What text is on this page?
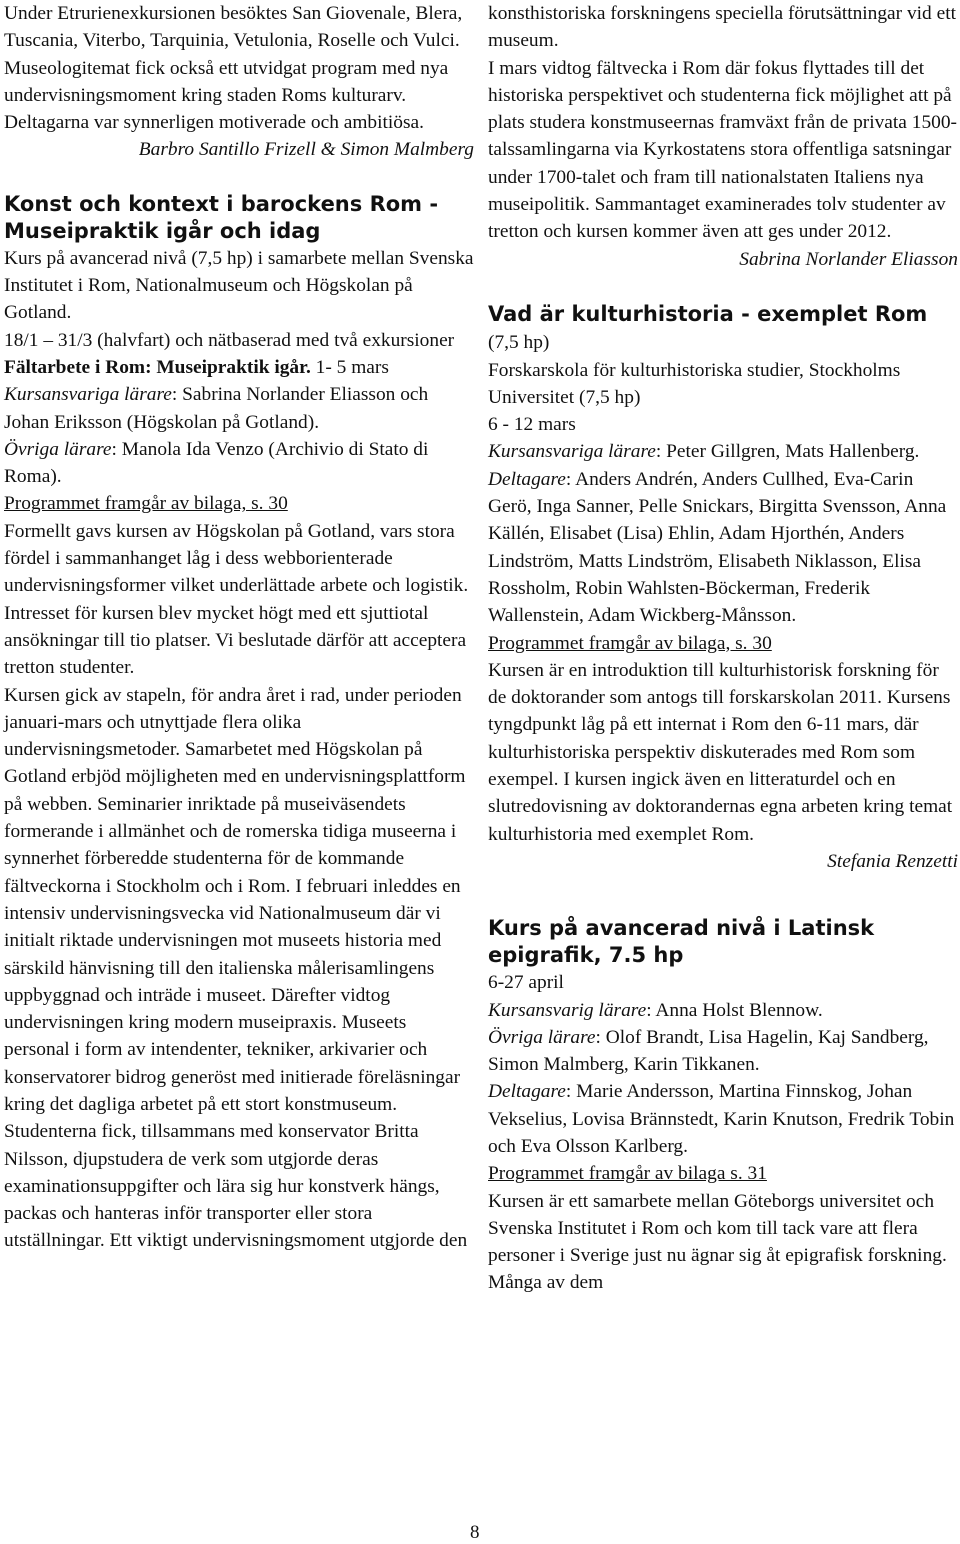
Under Etrurienexkursionen besöktes San Giovenale, Blera, Tuscania, Viterbo, Tarquinia, Vetulonia, Roselle och Vulci. Museologitemat fick också ett utvidgat program med nya undervisningsmoment kring staden Roms kulturarv. Deltagarna var synnerligen motiverade och ambitiösa.

Barbro Santillo Frizell & Simon Malmberg

Konst och kontext i barockens Rom - Museipraktik igår och idag

Kurs på avancerad nivå (7,5 hp) i samarbete mellan Svenska Institutet i Rom, Nationalmuseum och Högskolan på Gotland.

18/1 – 31/3 (halvfart) och nätbaserad med två exkursioner

Fältarbete i Rom: Museipraktik igår. 1- 5 mars

Kursansvariga lärare: Sabrina Norlander Eliasson och Johan Eriksson (Högskolan på Gotland).

Övriga lärare: Manola Ida Venzo (Archivio di Stato di Roma).

Programmet framgår av bilaga, s. 30

Formellt gavs kursen av Högskolan på Gotland, vars stora fördel i sammanhanget låg i dess webborienterade undervisningsformer vilket underlättade arbete och logistik. Intresset för kursen blev mycket högt med ett sjuttiotal ansökningar till tio platser. Vi beslutade därför att acceptera tretton studenter.

Kursen gick av stapeln, för andra året i rad, under perioden januari-mars och utnyttjade flera olika undervisningsmetoder. Samarbetet med Högskolan på Gotland erbjöd möjligheten med en undervisningsplattform på webben. Seminarier inriktade på museiväsendets formerande i allmänhet och de romerska tidiga museerna i synnerhet förberedde studenterna för de kommande fältveckorna i Stockholm och i Rom. I februari inleddes en intensiv undervisningsvecka vid Nationalmuseum där vi initialt riktade undervisningen mot museets historia med särskild hänvisning till den italienska målerisamlingens uppbyggnad och inträde i museet. Därefter vidtog undervisningen kring modern museipraxis. Museets personal i form av intendenter, tekniker, arkivarier och konservatorer bidrog generöst med initierade föreläsningar kring det dagliga arbetet på ett stort konstmuseum. Studenterna fick, tillsammans med konservator Britta Nilsson, djupstudera de verk som utgjorde deras examinationsuppgifter och lära sig hur konstverk hängs, packas och hanteras inför transporter eller stora utställningar. Ett viktigt undervisningsmoment utgjorde den

konsthistoriska forskningens speciella förutsättningar vid ett museum.

I mars vidtog fältvecka i Rom där fokus flyttades till det historiska perspektivet och studenterna fick möjlighet att på plats studera konstmuseernas framväxt från de privata 1500-talssamlingarna via Kyrkostatens stora offentliga satsningar under 1700-talet och fram till nationalstaten Italiens nya museipolitik. Sammantaget examinerades tolv studenter av tretton och kursen kommer även att ges under 2012.

Sabrina Norlander Eliasson

Vad är kulturhistoria - exemplet Rom (7,5 hp)

Forskarskola för kulturhistoriska studier, Stockholms Universitet (7,5 hp)

6 - 12 mars

Kursansvariga lärare: Peter Gillgren, Mats Hallenberg.

Deltagare: Anders Andrén, Anders Cullhed, Eva-Carin Gerö, Inga Sanner, Pelle Snickars, Birgitta Svensson, Anna Källén, Elisabet (Lisa) Ehlin, Adam Hjorthén, Anders Lindström, Matts Lindström, Elisabeth Niklasson, Elisa Rossholm, Robin Wahlsten-Böckerman, Frederik Wallenstein, Adam Wickberg-Månsson.

Programmet framgår av bilaga, s. 30

Kursen är en introduktion till kulturhistorisk forskning för de doktorander som antogs till forskarskolan 2011. Kursens tyngdpunkt låg på ett internat i Rom den 6-11 mars, där kulturhistoriska perspektiv diskuterades med Rom som exempel. I kursen ingick även en litteraturdel och en slutredovisning av doktorandernas egna arbeten kring temat kulturhistoria med exemplet Rom.

Stefania Renzetti

Kurs på avancerad nivå i Latinsk epigrafik, 7.5 hp

6-27 april

Kursansvarig lärare: Anna Holst Blennow.

Övriga lärare: Olof Brandt, Lisa Hagelin, Kaj Sandberg, Simon Malmberg, Karin Tikkanen.

Deltagare: Marie Andersson, Martina Finnskog, Johan Vekselius, Lovisa Brännstedt, Karin Knutson, Fredrik Tobin och Eva Olsson Karlberg.

Programmet framgår av bilaga s. 31

Kursen är ett samarbete mellan Göteborgs universitet och Svenska Institutet i Rom och kom till tack vare att flera personer i Sverige just nu ägnar sig åt epigrafisk forskning. Många av dem

8
